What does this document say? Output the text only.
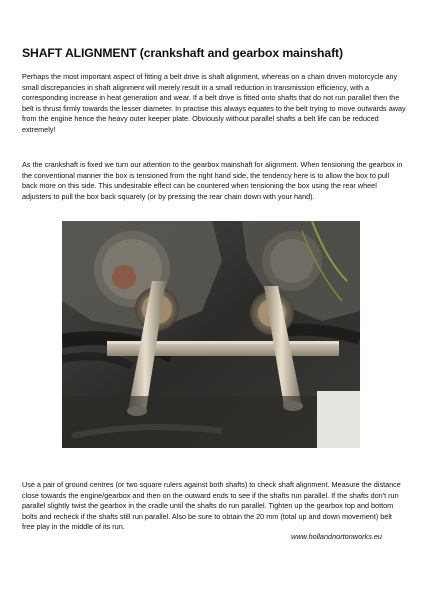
SHAFT ALIGNMENT (crankshaft and gearbox mainshaft)

Perhaps the most important aspect of fitting a belt drive is shaft alignment, whereas on a chain driven motorcycle any small discrepancies in shaft alignment will merely result in a small reduction in transmission efficiency, with a corresponding increase in heat generation and wear. If a belt drive is fitted onto shafts that do not run parallel then the belt is thrust firmly towards the lesser diameter. In practise this always equates to the belt trying to move outwards away from the engine hence the heavy outer keeper plate. Obviously without parallel shafts a belt life can be reduced extremely!

As the crankshaft is fixed we turn our attention to the gearbox mainshaft for alignment. When tensioning the gearbox in the conventional manner the box is tensioned from the right hand side, the tendency here is to allow the box to pull back more on this side. This undesirable effect can be countered when tensioning the box using the rear wheel adjusters to pull the box back squarely (or by pressing the rear chain down with your hand).

Use a pair of ground centres (or two square rulers against both shafts) to check shaft alignment. Measure the distance close towards the engine/gearbox and then on the outward ends to see if the shafts run parallel. If the shafts don't run parallel slightly twist the gearbox in the cradle until the shafts do run parallel. Tighten up the gearbox top and bottom bolts and recheck if the shafts still run parallel. Also be sure to obtain the 20 mm (total up and down movement) belt free play in the middle of its run.

www.hollandnortonworks.eu
